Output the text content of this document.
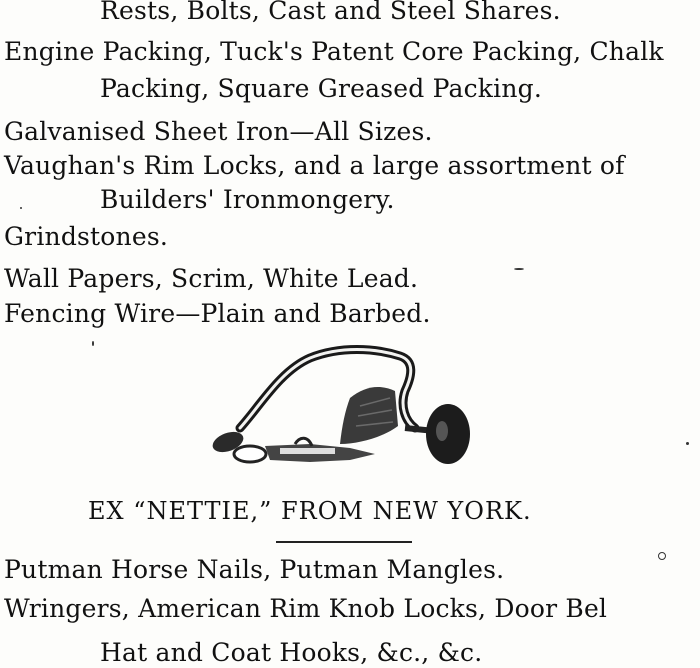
Rests, Bolts, Cast and Steel Shares.
Engine Packing, Tuck's Patent Core Packing, Chalk
Packing, Square Greased Packing.
Galvanised Sheet Iron—All Sizes.
Vaughan's Rim Locks, and a large assortment of
Builders' Ironmongery.
Grindstones.
Wall Papers, Scrim, White Lead.
Fencing Wire—Plain and Barbed.
EX “NETTIE,” FROM NEW YORK.
Putman Horse Nails, Putman Mangles.
Wringers, American Rim Knob Locks, Door Bel
Hat and Coat Hooks, &c., &c.
